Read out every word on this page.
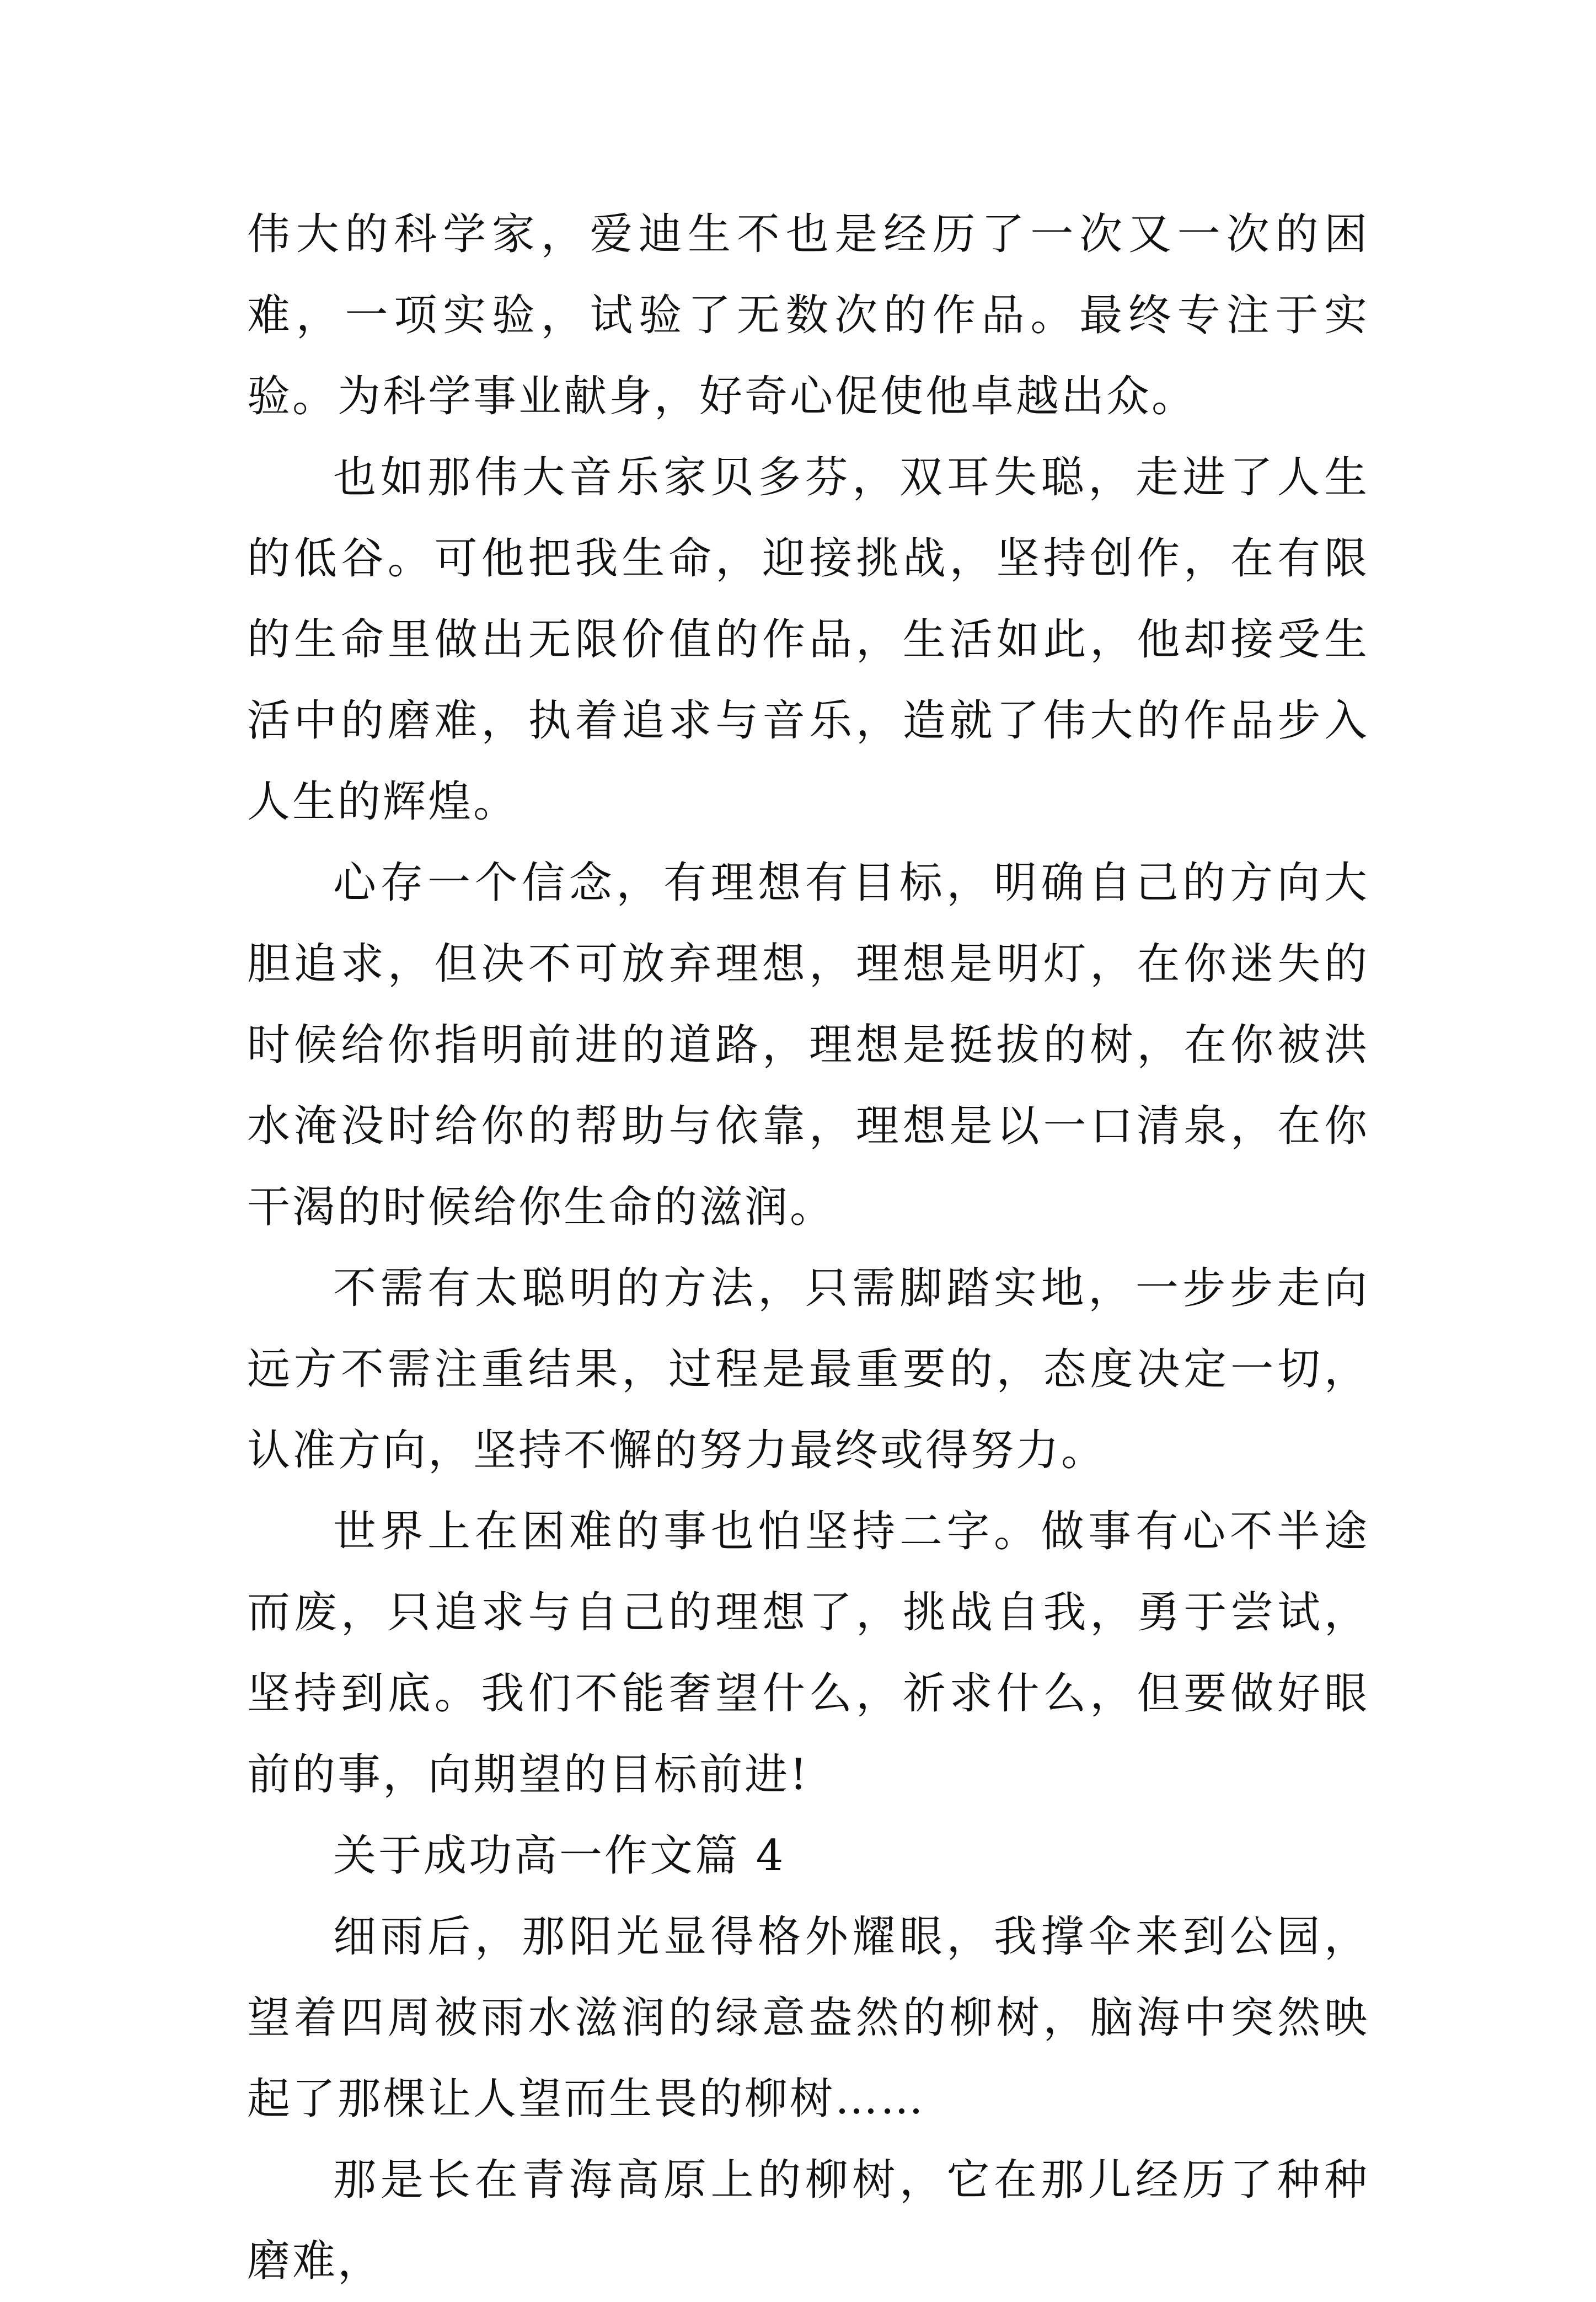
伟大的科学家，爱迪生不也是经历了一次又一次的困难，一项实验，试验了无数次的作品。最终专注于实验。为科学事业献身，好奇心促使他卓越出众。

也如那伟大音乐家贝多芬，双耳失聪，走进了人生的低谷。可他把我生命，迎接挑战，坚持创作，在有限的生命里做出无限价值的作品，生活如此，他却接受生活中的磨难，执着追求与音乐，造就了伟大的作品步入人生的辉煌。

心存一个信念，有理想有目标，明确自己的方向大胆追求，但决不可放弃理想，理想是明灯，在你迷失的时候给你指明前进的道路，理想是挺拔的树，在你被洪水淹没时给你的帮助与依靠，理想是以一口清泉，在你干渴的时候给你生命的滋润。

不需有太聪明的方法，只需脚踏实地，一步步走向远方不需注重结果，过程是最重要的，态度决定一切，认准方向，坚持不懈的努力最终或得努力。

世界上在困难的事也怕坚持二字。做事有心不半途而废，只追求与自己的理想了，挑战自我，勇于尝试，坚持到底。我们不能奢望什么，祈求什么，但要做好眼前的事，向期望的目标前进!

关于成功高一作文篇 4

细雨后，那阳光显得格外耀眼，我撑伞来到公园，望着四周被雨水滋润的绿意盎然的柳树，脑海中突然映起了那棵让人望而生畏的柳树……

那是长在青海高原上的柳树，它在那儿经历了种种磨难，
